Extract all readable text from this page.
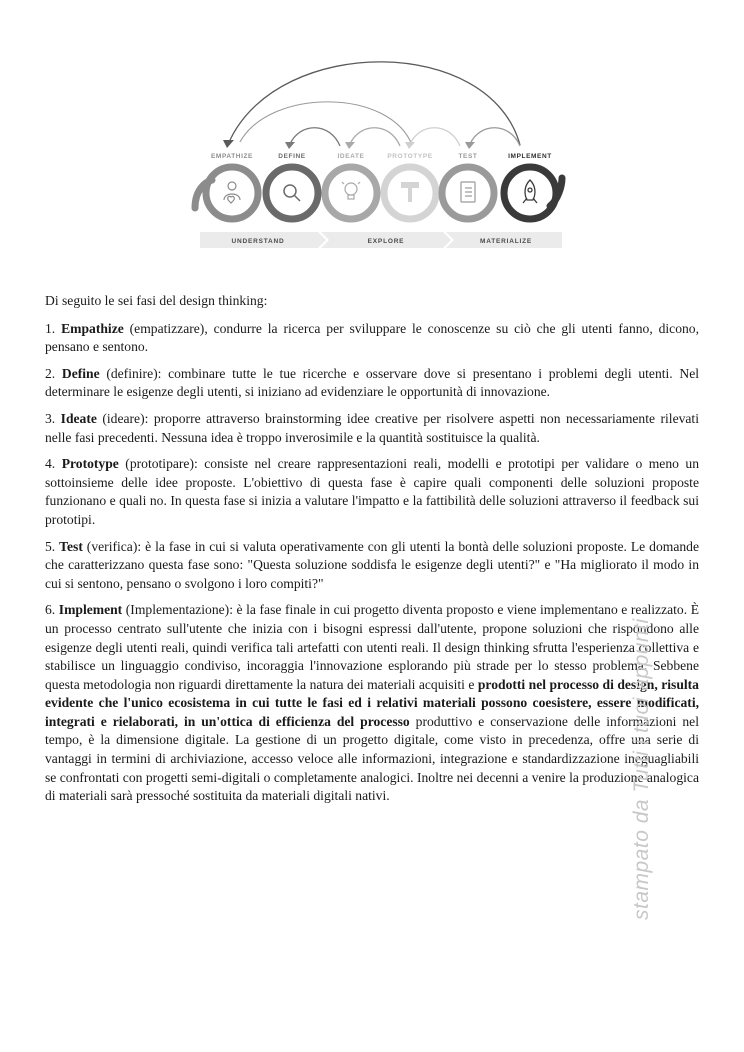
EMPATHIZE	DEFINE	IDEATE	PROTOTYPE	TEST	IMPLEMENT
UNDERSTAND	EXPLORE	MATERIALIZE

Di seguito le sei fasi del design thinking:

1. Empathize (empatizzare), condurre la ricerca per sviluppare le conoscenze su ciò che gli utenti fanno, dicono, pensano e sentono.

2. Define (definire): combinare tutte le tue ricerche e osservare dove si presentano i problemi degli utenti. Nel determinare le esigenze degli utenti, si iniziano ad evidenziare le opportunità di innovazione.

3. Ideate (ideare): proporre attraverso brainstorming idee creative per risolvere aspetti non necessariamente rilevati nelle fasi precedenti. Nessuna idea è troppo inverosimile e la quantità sostituisce la qualità.

4. Prototype (prototipare): consiste nel creare rappresentazioni reali, modelli e prototipi per validare o meno un sottoinsieme delle idee proposte. L'obiettivo di questa fase è capire quali componenti delle soluzioni proposte funzionano e quali no. In questa fase si inizia a valutare l'impatto e la fattibilità delle soluzioni attraverso il feedback sui prototipi.

5. Test (verifica): è la fase in cui si valuta operativamente con gli utenti la bontà delle soluzioni proposte. Le domande che caratterizzano questa fase sono: "Questa soluzione soddisfa le esigenze degli utenti?" e "Ha migliorato il modo in cui si sentono, pensano o svolgono i loro compiti?"

6. Implement (Implementazione): è la fase finale in cui progetto diventa proposto e viene implementano e realizzato. È un processo centrato sull'utente che inizia con i bisogni espressi dall'utente, propone soluzioni che rispondono alle esigenze degli utenti reali, quindi verifica tali artefatti con utenti reali. Il design thinking sfrutta l'esperienza collettiva e stabilisce un linguaggio condiviso, incoraggia l'innovazione esplorando più strade per lo stesso problema. Sebbene questa metodologia non riguardi direttamente la natura dei materiali acquisiti e prodotti nel processo di design, risulta evidente che l'unico ecosistema in cui tutte le fasi ed i relativi materiali possono coesistere, essere modificati, integrati e rielaborati, in un'ottica di efficienza del processo produttivo e conservazione delle informazioni nel tempo, è la dimensione digitale. La gestione di un progetto digitale, come visto in precedenza, offre una serie di vantaggi in termini di archiviazione, accesso veloce alle informazioni, integrazione e standardizzazione ineguagliabili se confrontati con progetti semi-digitali o completamente analogici. Inoltre nei decenni a venire la produzione analogica di materiali sarà pressoché sostituita da materiali digitali nativi.	stampato da Tutti i tuoi appunti
